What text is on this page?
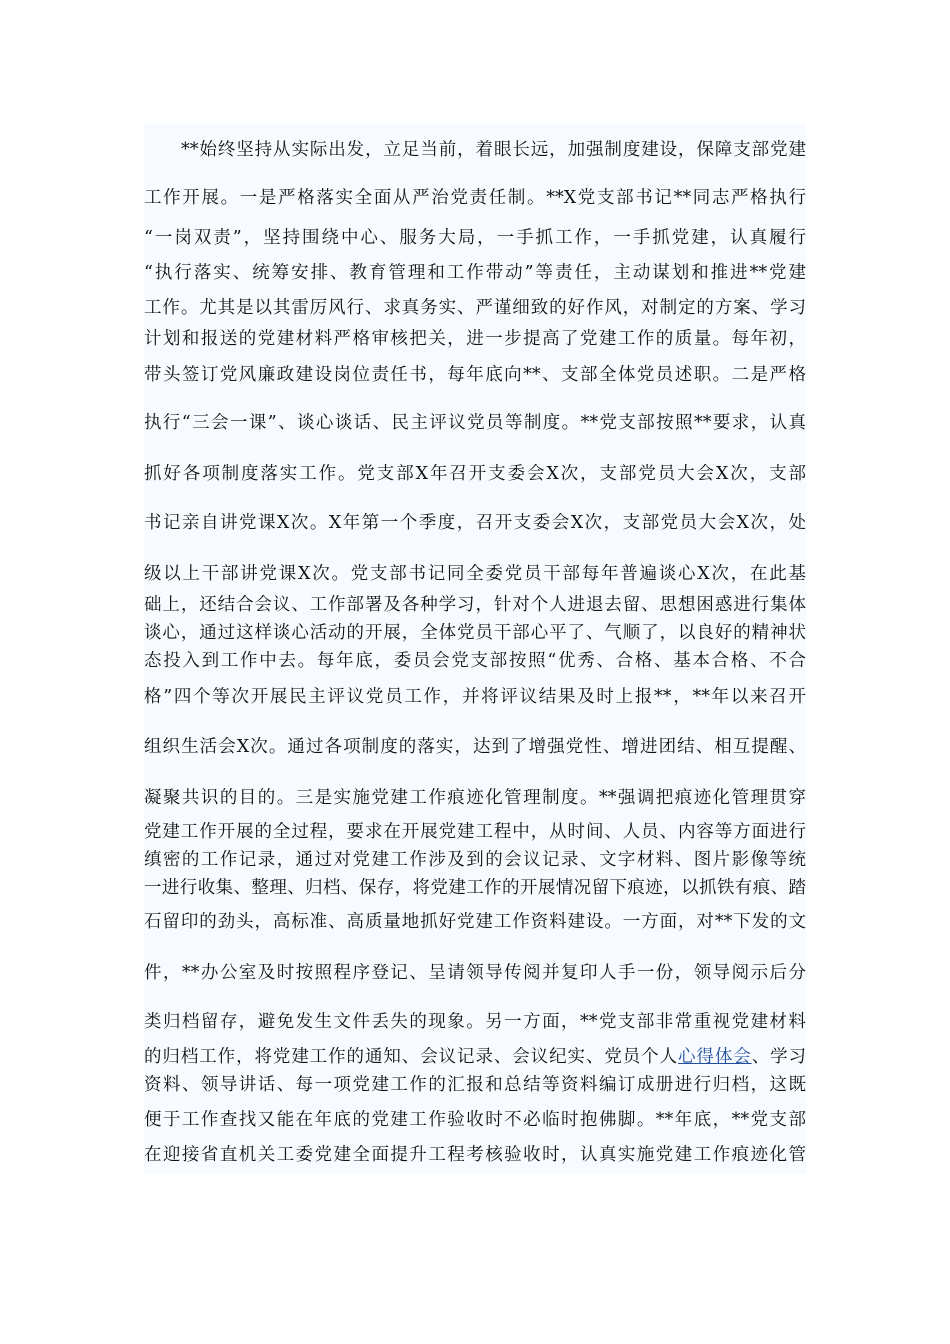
**始终坚持从实际出发，立足当前，着眼长远，加强制度建设，保障支部党建
工作开展。一是严格落实全面从严治党责任制。**X党支部书记**同志严格执行
“一岗双责”，坚持围绕中心、服务大局，一手抓工作，一手抓党建，认真履行
“执行落实、统筹安排、教育管理和工作带动”等责任，主动谋划和推进**党建
工作。尤其是以其雷厉风行、求真务实、严谨细致的好作风，对制定的方案、学习
计划和报送的党建材料严格审核把关，进一步提高了党建工作的质量。每年初，
带头签订党风廉政建设岗位责任书，每年底向**、支部全体党员述职。二是严格
执行“三会一课”、谈心谈话、民主评议党员等制度。**党支部按照**要求，认真
抓好各项制度落实工作。党支部X年召开支委会X次，支部党员大会X次，支部
书记亲自讲党课X次。X年第一个季度，召开支委会X次，支部党员大会X次，处
级以上干部讲党课X次。党支部书记同全委党员干部每年普遍谈心X次，在此基
础上，还结合会议、工作部署及各种学习，针对个人进退去留、思想困惑进行集体
谈心，通过这样谈心活动的开展，全体党员干部心平了、气顺了，以良好的精神状
态投入到工作中去。每年底，委员会党支部按照“优秀、合格、基本合格、不合
格”四个等次开展民主评议党员工作，并将评议结果及时上报**，**年以来召开
组织生活会X次。通过各项制度的落实，达到了增强党性、增进团结、相互提醒、
凝聚共识的目的。三是实施党建工作痕迹化管理制度。**强调把痕迹化管理贯穿
党建工作开展的全过程，要求在开展党建工程中，从时间、人员、内容等方面进行
缜密的工作记录，通过对党建工作涉及到的会议记录、文字材料、图片影像等统
一进行收集、整理、归档、保存，将党建工作的开展情况留下痕迹，以抓铁有痕、踏
石留印的劲头，高标准、高质量地抓好党建工作资料建设。一方面，对**下发的文
件，**办公室及时按照程序登记、呈请领导传阅并复印人手一份，领导阅示后分
类归档留存，避免发生文件丢失的现象。另一方面，**党支部非常重视党建材料
的归档工作，将党建工作的通知、会议记录、会议纪实、党员个人心得体会、学习
资料、领导讲话、每一项党建工作的汇报和总结等资料编订成册进行归档，这既
便于工作查找又能在年底的党建工作验收时不必临时抱佛脚。**年底，**党支部
在迎接省直机关工委党建全面提升工程考核验收时，认真实施党建工作痕迹化管
